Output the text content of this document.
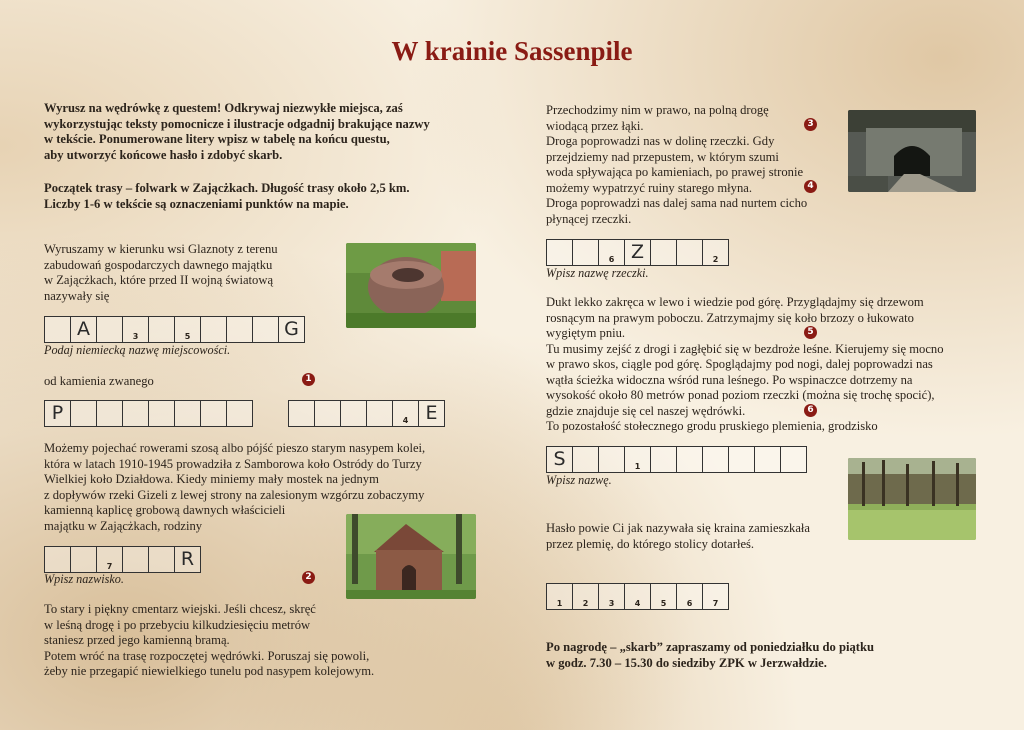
W krainie Sassenpile

Wyrusz na wędrówkę z questem! Odkrywaj niezwykłe miejsca, zaś

wykorzystując teksty pomocnicze i ilustracje odgadnij brakujące nazwy

w tekście. Ponumerowane litery wpisz w tabelę na końcu questu,

aby utworzyć końcowe hasło i zdobyć skarb.

Początek trasy – folwark w Zającżkach. Długość trasy około 2,5 km.

Liczby 1-6 w tekście są oznaczeniami punktów na mapie.

Wyruszamy w kierunku wsi Glaznoty z terenu

zabudowań gospodarczych dawnego majątku

w Zającżkach, które przed II wojną światową

nazywały się

A	3	5	G
Podaj niemiecką nazwę miejscowości.
od kamienia zwanego	1
P	4 E

Możemy pojechać rowerami szosą albo pójść pieszo starym nasypem kolei,

która w latach 1910-1945 prowadziła z Samborowa koło Ostródy do Turzy

Wielkiej koło Działdowa. Kiedy miniemy mały mostek na jednym

z dopływów rzeki Gizeli z lewej strony na zalesionym wzgórzu zobaczymy

kamienną kaplicę grobową dawnych właścicieli

majątku w Zającżkach, rodziny

7	R
Wpisz nazwisko.	2

To stary i piękny cmentarz wiejski. Jeśli chcesz, skręć

w leśną drogę i po przebyciu kilkudziesięciu metrów

staniesz przed jego kamienną bramą.

Potem wróć na trasę rozpoczętej wędrówki. Poruszaj się powoli,

żeby nie przegapić niewielkiego tunelu pod nasypem kolejowym.

Przechodzimy nim w prawo, na polną drogę

wiodącą przez łąki.

Droga poprowadzi nas w dolinę rzeczki. Gdy

przejdziemy nad przepustem, w którym szumi

woda spływająca po kamieniach, po prawej stronie

możemy wypatrzyć ruiny starego młyna.

Droga poprowadzi nas dalej sama nad nurtem cicho

płynącej rzeczki.

3
4
6 Z	2
Wpisz nazwę rzeczki.

Dukt lekko zakręca w lewo i wiedzie pod górę. Przyglądajmy się drzewom

rosnącym na prawym poboczu. Zatrzymajmy się koło brzozy o łukowato

wygiętym pniu.

Tu musimy zejść z drogi i zagłębić się w bezdroże leśne. Kierujemy się mocno

w prawo skos, ciągle pod górę. Spoglądajmy pod nogi, dalej poprowadzi nas

wątła ścieżka widoczna wśród runa leśnego. Po wspinaczce dotrzemy na

wysokość około 80 metrów ponad poziom rzeczki (można się trochę spocić),

gdzie znajduje się cel naszej wędrówki.

To pozostałość stołecznego grodu pruskiego plemienia, grodzisko

5
6
S	1
Wpisz nazwę.

Hasło powie Ci jak nazywała się kraina zamieszkała

przez plemię, do którego stolicy dotarłeś.

1	2	3	4	5	6	7

Po nagrodę – „skarb” zapraszamy od poniedziałku do piątku

w godz. 7.30 – 15.30 do siedziby ZPK w Jerzwałdzie.
